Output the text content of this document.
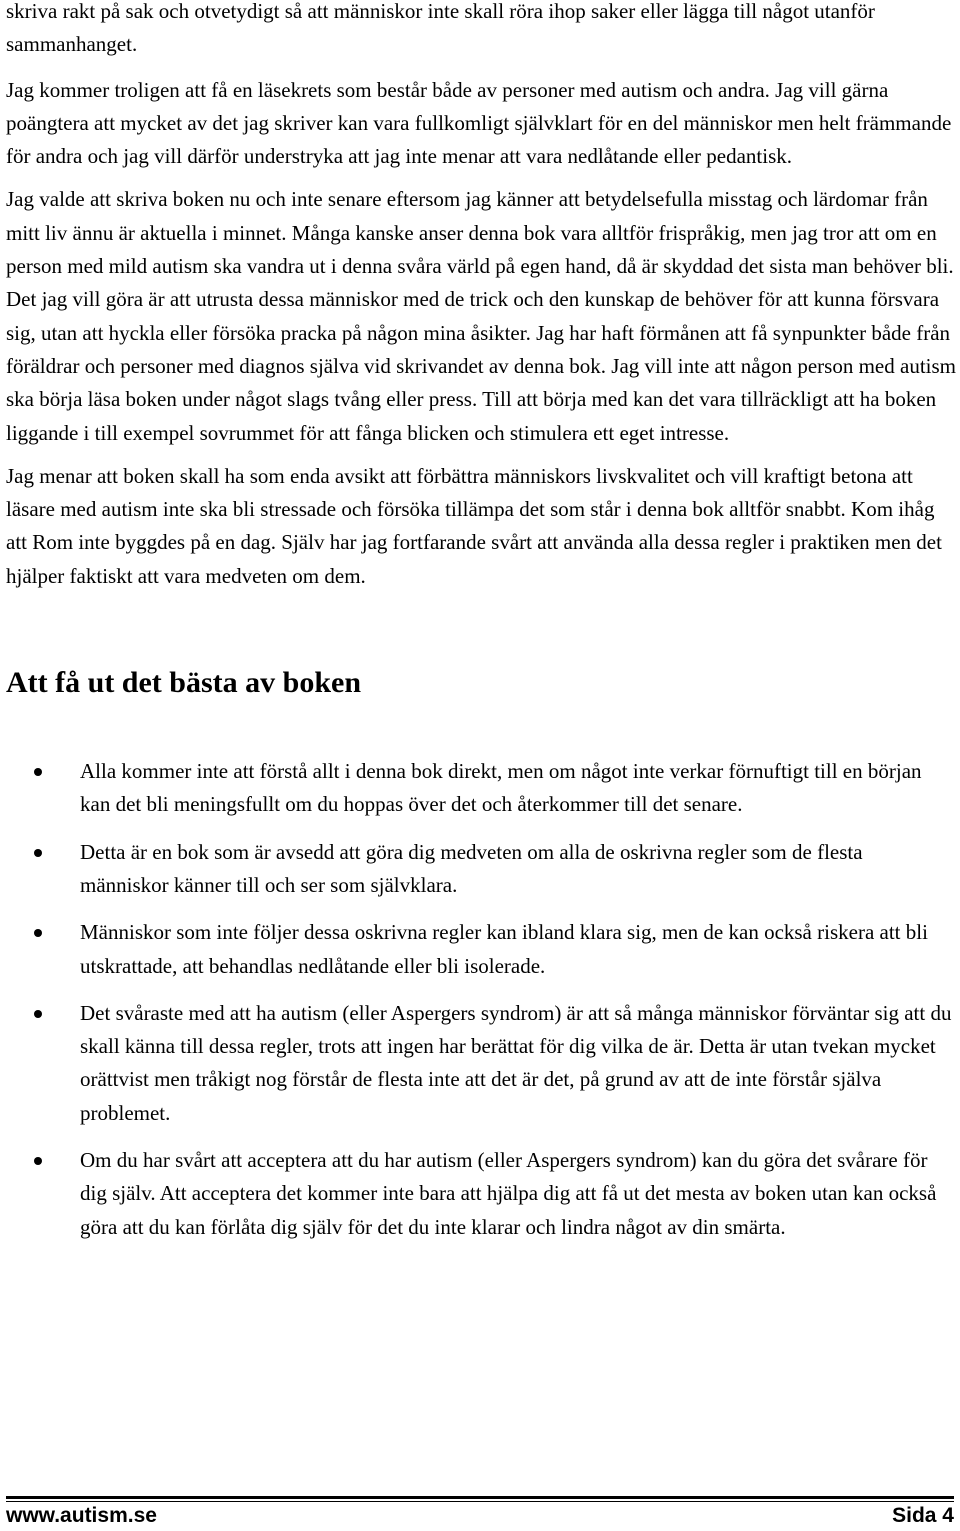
skriva rakt på sak och otvetydigt så att människor inte skall röra ihop saker eller lägga till något utanför sammanhanget.

Jag kommer troligen att få en läsekrets som består både av personer med autism och andra. Jag vill gärna poängtera att mycket av det jag skriver kan vara fullkomligt självklart för en del människor men helt främmande för andra och jag vill därför understryka att jag inte menar att vara nedlåtande eller pedantisk.

Jag valde att skriva boken nu och inte senare eftersom jag känner att betydelsefulla misstag och lärdomar från mitt liv ännu är aktuella i minnet. Många kanske anser denna bok vara alltför frispråkig, men jag tror att om en person med mild autism ska vandra ut i denna svåra värld på egen hand, då är skyddad det sista man behöver bli. Det jag vill göra är att utrusta dessa människor med de trick och den kunskap de behöver för att kunna försvara sig, utan att hyckla eller försöka pracka på någon mina åsikter. Jag har haft förmånen att få synpunkter både från föräldrar och personer med diagnos själva vid skrivandet av denna bok. Jag vill inte att någon person med autism ska börja läsa boken under något slags tvång eller press. Till att börja med kan det vara tillräckligt att ha boken liggande i till exempel sovrummet för att fånga blicken och stimulera ett eget intresse.

Jag menar att boken skall ha som enda avsikt att förbättra människors livskvalitet och vill kraftigt betona att läsare med autism inte ska bli stressade och försöka tillämpa det som står i denna bok alltför snabbt. Kom ihåg att Rom inte byggdes på en dag. Själv har jag fortfarande svårt att använda alla dessa regler i praktiken men det hjälper faktiskt att vara medveten om dem.

Att få ut det bästa av boken
Alla kommer inte att förstå allt i denna bok direkt, men om något inte verkar förnuftigt till en början kan det bli meningsfullt om du hoppas över det och återkommer till det senare.
Detta är en bok som är avsedd att göra dig medveten om alla de oskrivna regler som de flesta människor känner till och ser som självklara.
Människor som inte följer dessa oskrivna regler kan ibland klara sig, men de kan också riskera att bli utskrattade, att behandlas nedlåtande eller bli isolerade.
Det svåraste med att ha autism (eller Aspergers syndrom) är att så många människor förväntar sig att du skall känna till dessa regler, trots att ingen har berättat för dig vilka de är. Detta är utan tvekan mycket orättvist men tråkigt nog förstår de flesta inte att det är det, på grund av att de inte förstår själva problemet.
Om du har svårt att acceptera att du har autism (eller Aspergers syndrom) kan du göra det svårare för dig själv. Att acceptera det kommer inte bara att hjälpa dig att få ut det mesta av boken utan kan också göra att du kan förlåta dig själv för det du inte klarar och lindra något av din smärta.
www.autism.se	Sida 4
